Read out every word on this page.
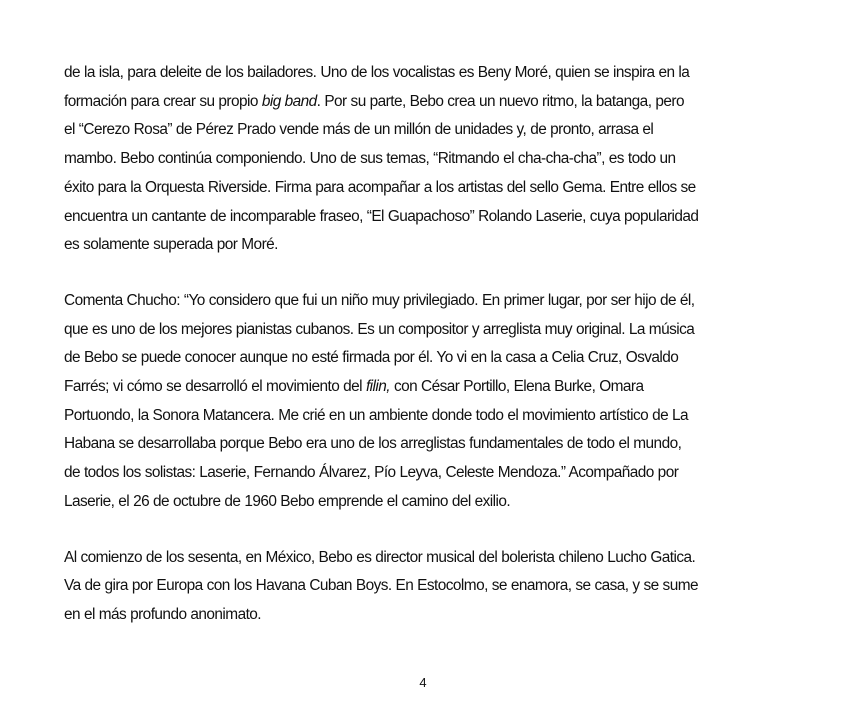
de la isla, para deleite de los bailadores. Uno de los vocalistas es Beny Moré, quien se inspira en la
formación para crear su propio big band. Por su parte, Bebo crea un nuevo ritmo, la batanga, pero
el “Cerezo Rosa” de Pérez Prado vende más de un millón de unidades y, de pronto, arrasa el
mambo. Bebo continúa componiendo. Uno de sus temas, “Ritmando el cha-cha-cha”, es todo un
éxito para la Orquesta Riverside. Firma para acompañar a los artistas del sello Gema. Entre ellos se
encuentra un cantante de incomparable fraseo, “El Guapachoso” Rolando Laserie, cuya popularidad
es solamente superada por Moré.

Comenta Chucho: “Yo considero que fui un niño muy privilegiado. En primer lugar, por ser hijo de él,
que es uno de los mejores pianistas cubanos. Es un compositor y arreglista muy original. La música
de Bebo se puede conocer aunque no esté firmada por él. Yo vi en la casa a Celia Cruz, Osvaldo
Farrés; vi cómo se desarrolló el movimiento del filin, con César Portillo, Elena Burke, Omara
Portuondo, la Sonora Matancera. Me crié en un ambiente donde todo el movimiento artístico de La
Habana se desarrollaba porque Bebo era uno de los arreglistas fundamentales de todo el mundo,
de todos los solistas: Laserie, Fernando Álvarez, Pío Leyva, Celeste Mendoza.” Acompañado por
Laserie, el 26 de octubre de 1960 Bebo emprende el camino del exilio.

Al comienzo de los sesenta, en México, Bebo es director musical del bolerista chileno Lucho Gatica.
Va de gira por Europa con los Havana Cuban Boys. En Estocolmo, se enamora, se casa, y se sume
en el más profundo anonimato.

4
